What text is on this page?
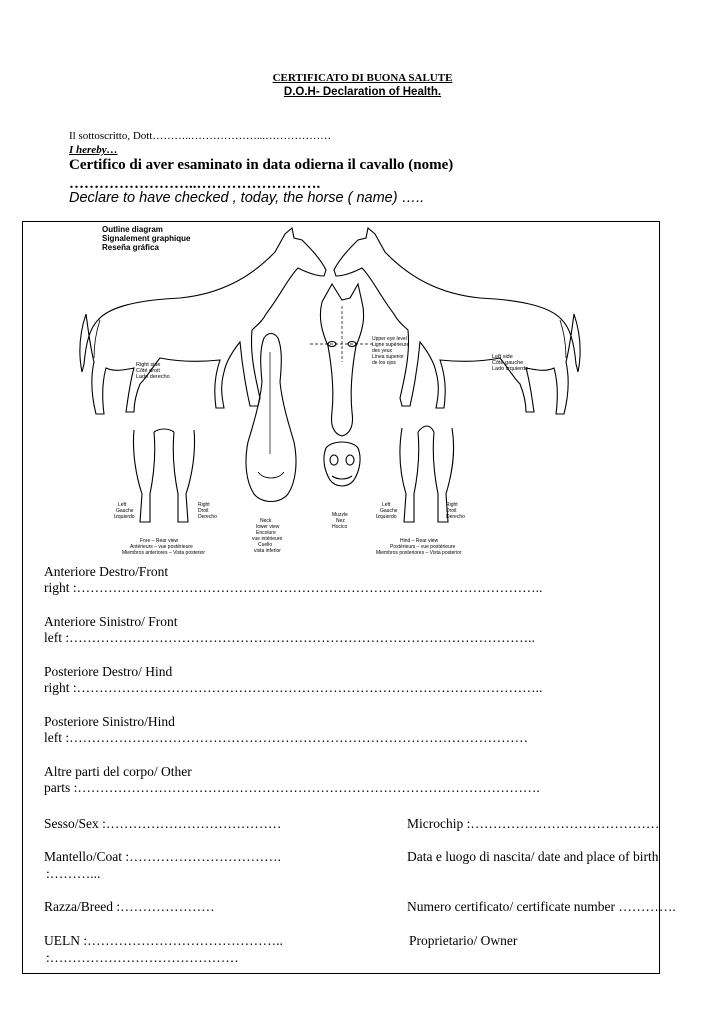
CERTIFICATO DI BUONA SALUTE
D.O.H- Declaration of Health.
Il sottoscritto, Dott………..………………...………………
I hereby…
Certifico di aver esaminato in data odierna il cavallo (nome)
……………………..…………………….
Declare to have checked , today, the horse ( name) …..
Outline diagram
Signalement graphique
Reseña gráfica
Right side
Côté droit
Lado derecho
Left side
Côté gauche
Lado izquierdo
Upper eye level
Ligne supérieure
des yeux
Línea superior
de los ojos
Muzzle
Nez
Hocico
Neck
lower view
Encolure
vue intérieure
Cuello
vista inferior
Left
Gauche
Izquierdo
Right
Droit
Derecho
Fore – Rear view
Antérieurs – vue postérieure
Miembros anteriores – Vista posterior
Left
Gauche
Izquierdo
Right
Droit
Derecho
Hind – Rear view
Postérieurs – vue postérieure
Miembros posteriores – Vista posterior
Anteriore Destro/Front
right :…………………………………………………………………………………………..
Anteriore Sinistro/ Front
left :…………………………………………………………………………………………..
Posteriore Destro/ Hind
right :…………………………………………………………………………………………..
Posteriore Sinistro/Hind
left :…………………………………………………………………………………………
Altre parti del corpo/ Other
parts :………………………………………………………………………………………….
Sesso/Sex :…………………………………	Microchip :……………………………………
Mantello/Coat :…………………………….	Data e luogo di nascita/ date and place of birth
:………...
Razza/Breed :…………………	Numero certificato/ certificate number ………….
UELN :……………………………………..	Proprietario/ Owner
:……………………………………
